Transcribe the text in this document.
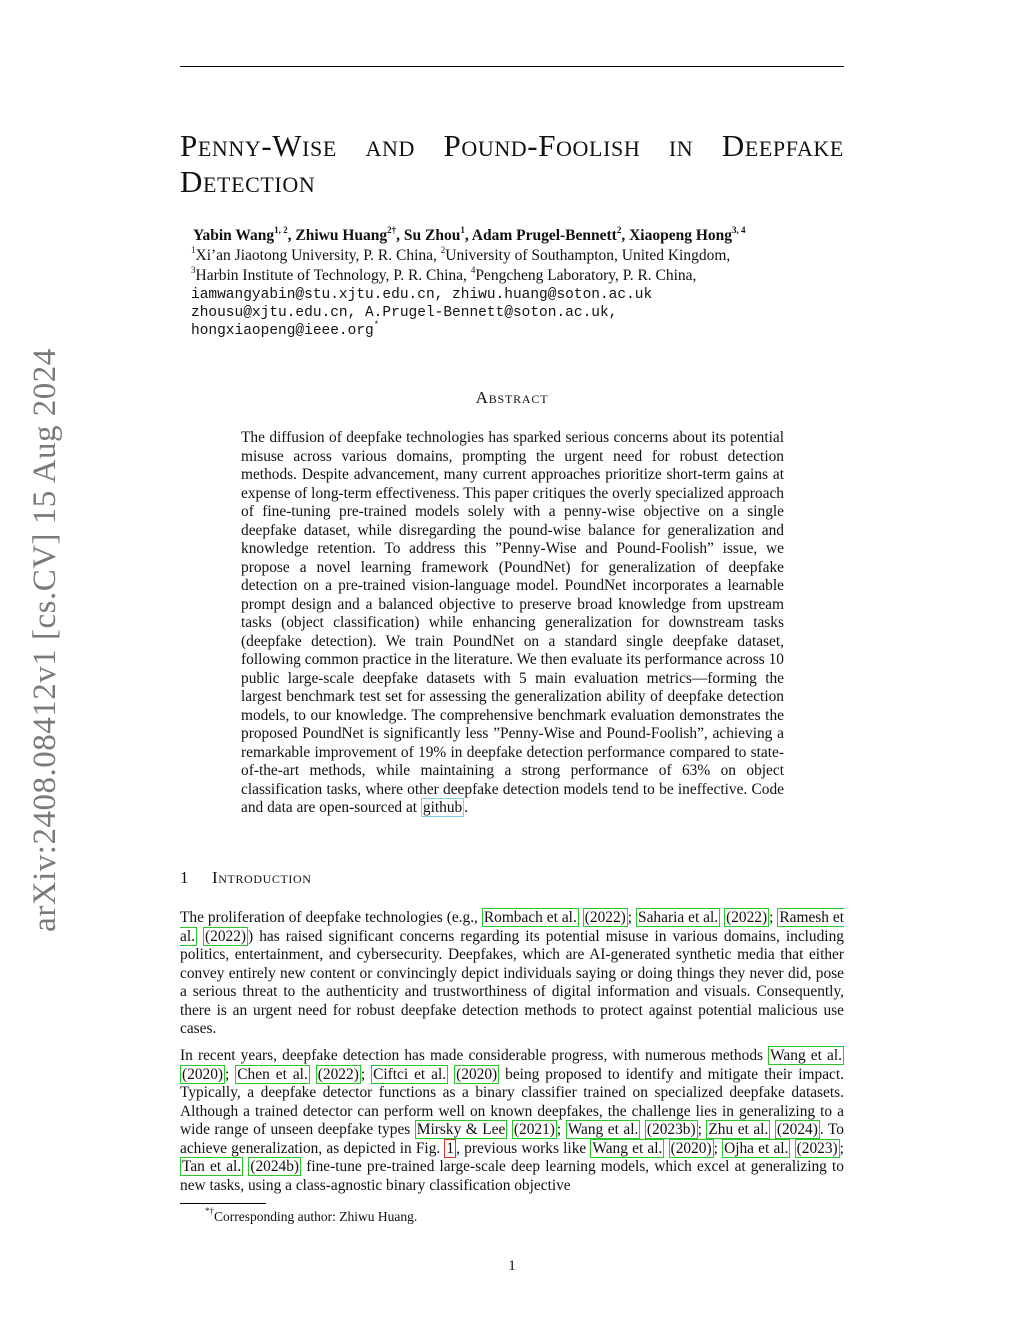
arXiv:2408.08412v1 [cs.CV] 15 Aug 2024
Penny-Wise and Pound-Foolish in Deepfake
Detection
Yabin Wang$^{1, 2}$, Zhiwu Huang$^{2\dagger}$, Su Zhou$^1$, Adam Prugel-Bennett$^2$, Xiaopeng Hong$^{3, 4}$
$^1$Xi’an Jiaotong University, P. R. China, $^2$University of Southampton, United Kingdom,
$^3$Harbin Institute of Technology, P. R. China, $^4$Pengcheng Laboratory, P. R. China,
iamwangyabin@stu.xjtu.edu.cn, zhiwu.huang@soton.ac.uk
zhousu@xjtu.edu.cn, A.Prugel-Bennett@soton.ac.uk,
hongxiaopeng@ieee.org*
Abstract
The diffusion of deepfake technologies has sparked serious concerns about its potential misuse across various domains, prompting the urgent need for robust detection methods. Despite advancement, many current approaches prioritize short-term gains at expense of long-term effectiveness. This paper critiques the overly specialized approach of fine-tuning pre-trained models solely with a penny-wise objective on a single deepfake dataset, while disregarding the pound-wise balance for generalization and knowledge retention. To address this ”Penny-Wise and Pound-Foolish” issue, we propose a novel learning framework (PoundNet) for generalization of deepfake detection on a pre-trained vision-language model. PoundNet incorporates a learnable prompt design and a balanced objective to preserve broad knowledge from upstream tasks (object classification) while enhancing generalization for downstream tasks (deepfake detection). We train PoundNet on a standard single deepfake dataset, following common practice in the literature. We then evaluate its performance across 10 public large-scale deepfake datasets with 5 main evaluation metrics—forming the largest benchmark test set for assessing the generalization ability of deepfake detection models, to our knowledge. The comprehensive benchmark evaluation demonstrates the proposed PoundNet is significantly less ”Penny-Wise and Pound-Foolish”, achieving a remarkable improvement of 19% in deepfake detection performance compared to state-of-the-art methods, while maintaining a strong performance of 63% on object classification tasks, where other deepfake detection models tend to be ineffective. Code and data are open-sourced at github .
1 Introduction
The proliferation of deepfake technologies (e.g., Rombach et al. (2022) ; Saharia et al. (2022) ; Ramesh et al. (2022) ) has raised significant concerns regarding its potential misuse in various domains, including politics, entertainment, and cybersecurity. Deepfakes, which are AI-generated synthetic media that either convey entirely new content or convincingly depict individuals saying or doing things they never did, pose a serious threat to the authenticity and trustworthiness of digital information and visuals. Consequently, there is an urgent need for robust deepfake detection methods to protect against potential malicious use cases.
In recent years, deepfake detection has made considerable progress, with numerous methods Wang et al. (2020) ; Chen et al. (2022) ; Ciftci et al. (2020) being proposed to identify and mitigate their impact. Typically, a deepfake detector functions as a binary classifier trained on specialized deepfake datasets. Although a trained detector can perform well on known deepfakes, the challenge lies in generalizing to a wide range of unseen deepfake types Mirsky & Lee (2021) ; Wang et al. (2023b) ; Zhu et al. (2024) . To achieve generalization, as depicted in Fig. 1 , previous works like Wang et al. (2020) ; Ojha et al. (2023) ; Tan et al. (2024b) fine-tune pre-trained large-scale deep learning models, which excel at generalizing to new tasks, using a class-agnostic binary classification objective
*†Corresponding author: Zhiwu Huang.
1
